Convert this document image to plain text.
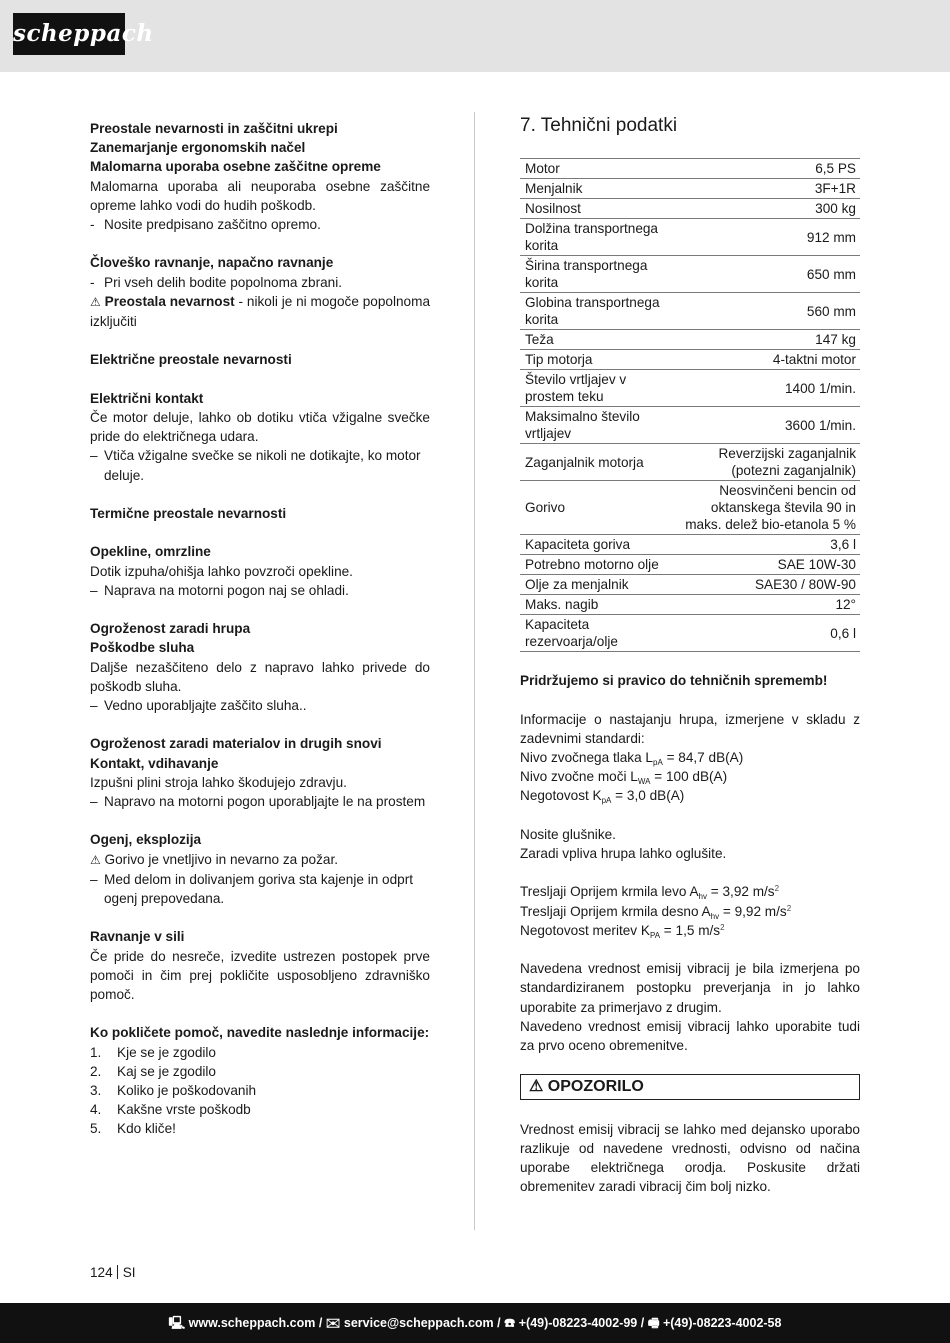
scheppach

Preostale nevarnosti in zaščitni ukrepi

Zanemarjanje ergonomskih načel

Malomarna uporaba osebne zaščitne opreme

Malomarna uporaba ali neuporaba osebne zaščitne opreme lahko vodi do hudih poškodb.

- Nosite predpisano zaščitno opremo.

Človeško ravnanje, napačno ravnanje

- Pri vseh delih bodite popolnoma zbrani.

⚠ Preostala nevarnost - nikoli je ni mogoče popolnoma izključiti

Električne preostale nevarnosti

Električni kontakt

Če motor deluje, lahko ob dotiku vtiča vžigalne svečke pride do električnega udara.

– Vtiča vžigalne svečke se nikoli ne dotikajte, ko motor deluje.

Termične preostale nevarnosti

Opekline, omrzline

Dotik izpuha/ohišja lahko povzroči opekline.

– Naprava na motorni pogon naj se ohladi.

Ogroženost zaradi hrupa

Poškodbe sluha

Daljše nezaščiteno delo z napravo lahko privede do poškodb sluha.

– Vedno uporabljajte zaščito sluha..

Ogroženost zaradi materialov in drugih snovi

Kontakt, vdihavanje

Izpušni plini stroja lahko škodujejo zdravju.

– Napravo na motorni pogon uporabljajte le na prostem

Ogenj, eksplozija

⚠ Gorivo je vnetljivo in nevarno za požar.

– Med delom in dolivanjem goriva sta kajenje in odprt ogenj prepovedana.

Ravnanje v sili

Če pride do nesreče, izvedite ustrezen postopek prve pomoči in čim prej pokličite usposobljeno zdravniško pomoč.

Ko pokličete pomoč, navedite naslednje informacije:

1.	Kje se je zgodilo
2.	Kaj se je zgodilo
3.	Koliko je poškodovanih
4.	Kakšne vrste poškodb
5.	Kdo kliče!
7. Tehnični podatki
Motor	6,5 PS
Menjalnik	3F+1R
Nosilnost	300 kg
Dolžina transportnega korita	912 mm
Širina transportnega korita	650 mm
Globina transportnega korita	560 mm
Teža	147 kg
Tip motorja	4-taktni motor
Število vrtljajev v prostem teku	1400 1/min.
Maksimalno število vrtljajev	3600 1/min.
Zaganjalnik motorja	Reverzijski zaganjalnik (potezni zaganjalnik)
Gorivo	Neosvinčeni bencin od oktanskega števila 90 in maks. delež bio-etanola 5 %
Kapaciteta goriva	3,6 l
Potrebno motorno olje	SAE 10W-30
Olje za menjalnik	SAE30 / 80W-90
Maks. nagib	12°
Kapaciteta rezervoarja/olje	0,6 l

Pridržujemo si pravico do tehničnih sprememb!

Informacije o nastajanju hrupa, izmerjene v skladu z zadevnimi standardi:

Nivo zvočnega tlaka $L_{pA} = 84,7$ dB(A)

Nivo zvočne moči $L_{WA} = 100$ dB(A)

Negotovost $K_{pA} = 3,0$ dB(A)

Nosite glušnike.

Zaradi vpliva hrupa lahko oglušite.

Tresljaji Oprijem krmila levo $A_{hv} = 3,92$ $m/s^2$

Tresljaji Oprijem krmila desno $A_{hv} = 9,92$ $m/s^2$

Negotovost meritev $K_{PA} = 1,5$ $m/s^2$

Navedena vrednost emisij vibracij je bila izmerjena po standardiziranem postopku preverjanja in jo lahko uporabite za primerjavo z drugim.

Navedeno vrednost emisij vibracij lahko uporabite tudi za prvo oceno obremenitve.

⚠ OPOZORILO

Vrednost emisij vibracij se lahko med dejansko uporabo razlikuje od navedene vrednosti, odvisno od načina uporabe električnega orodja. Poskusite držati obremenitev zaradi vibracij čim bolj nizko.

124 SI
🖳 www.scheppach.com / ✉ service@scheppach.com / ☎ +(49)-08223-4002-99 / 🖷 +(49)-08223-4002-58
